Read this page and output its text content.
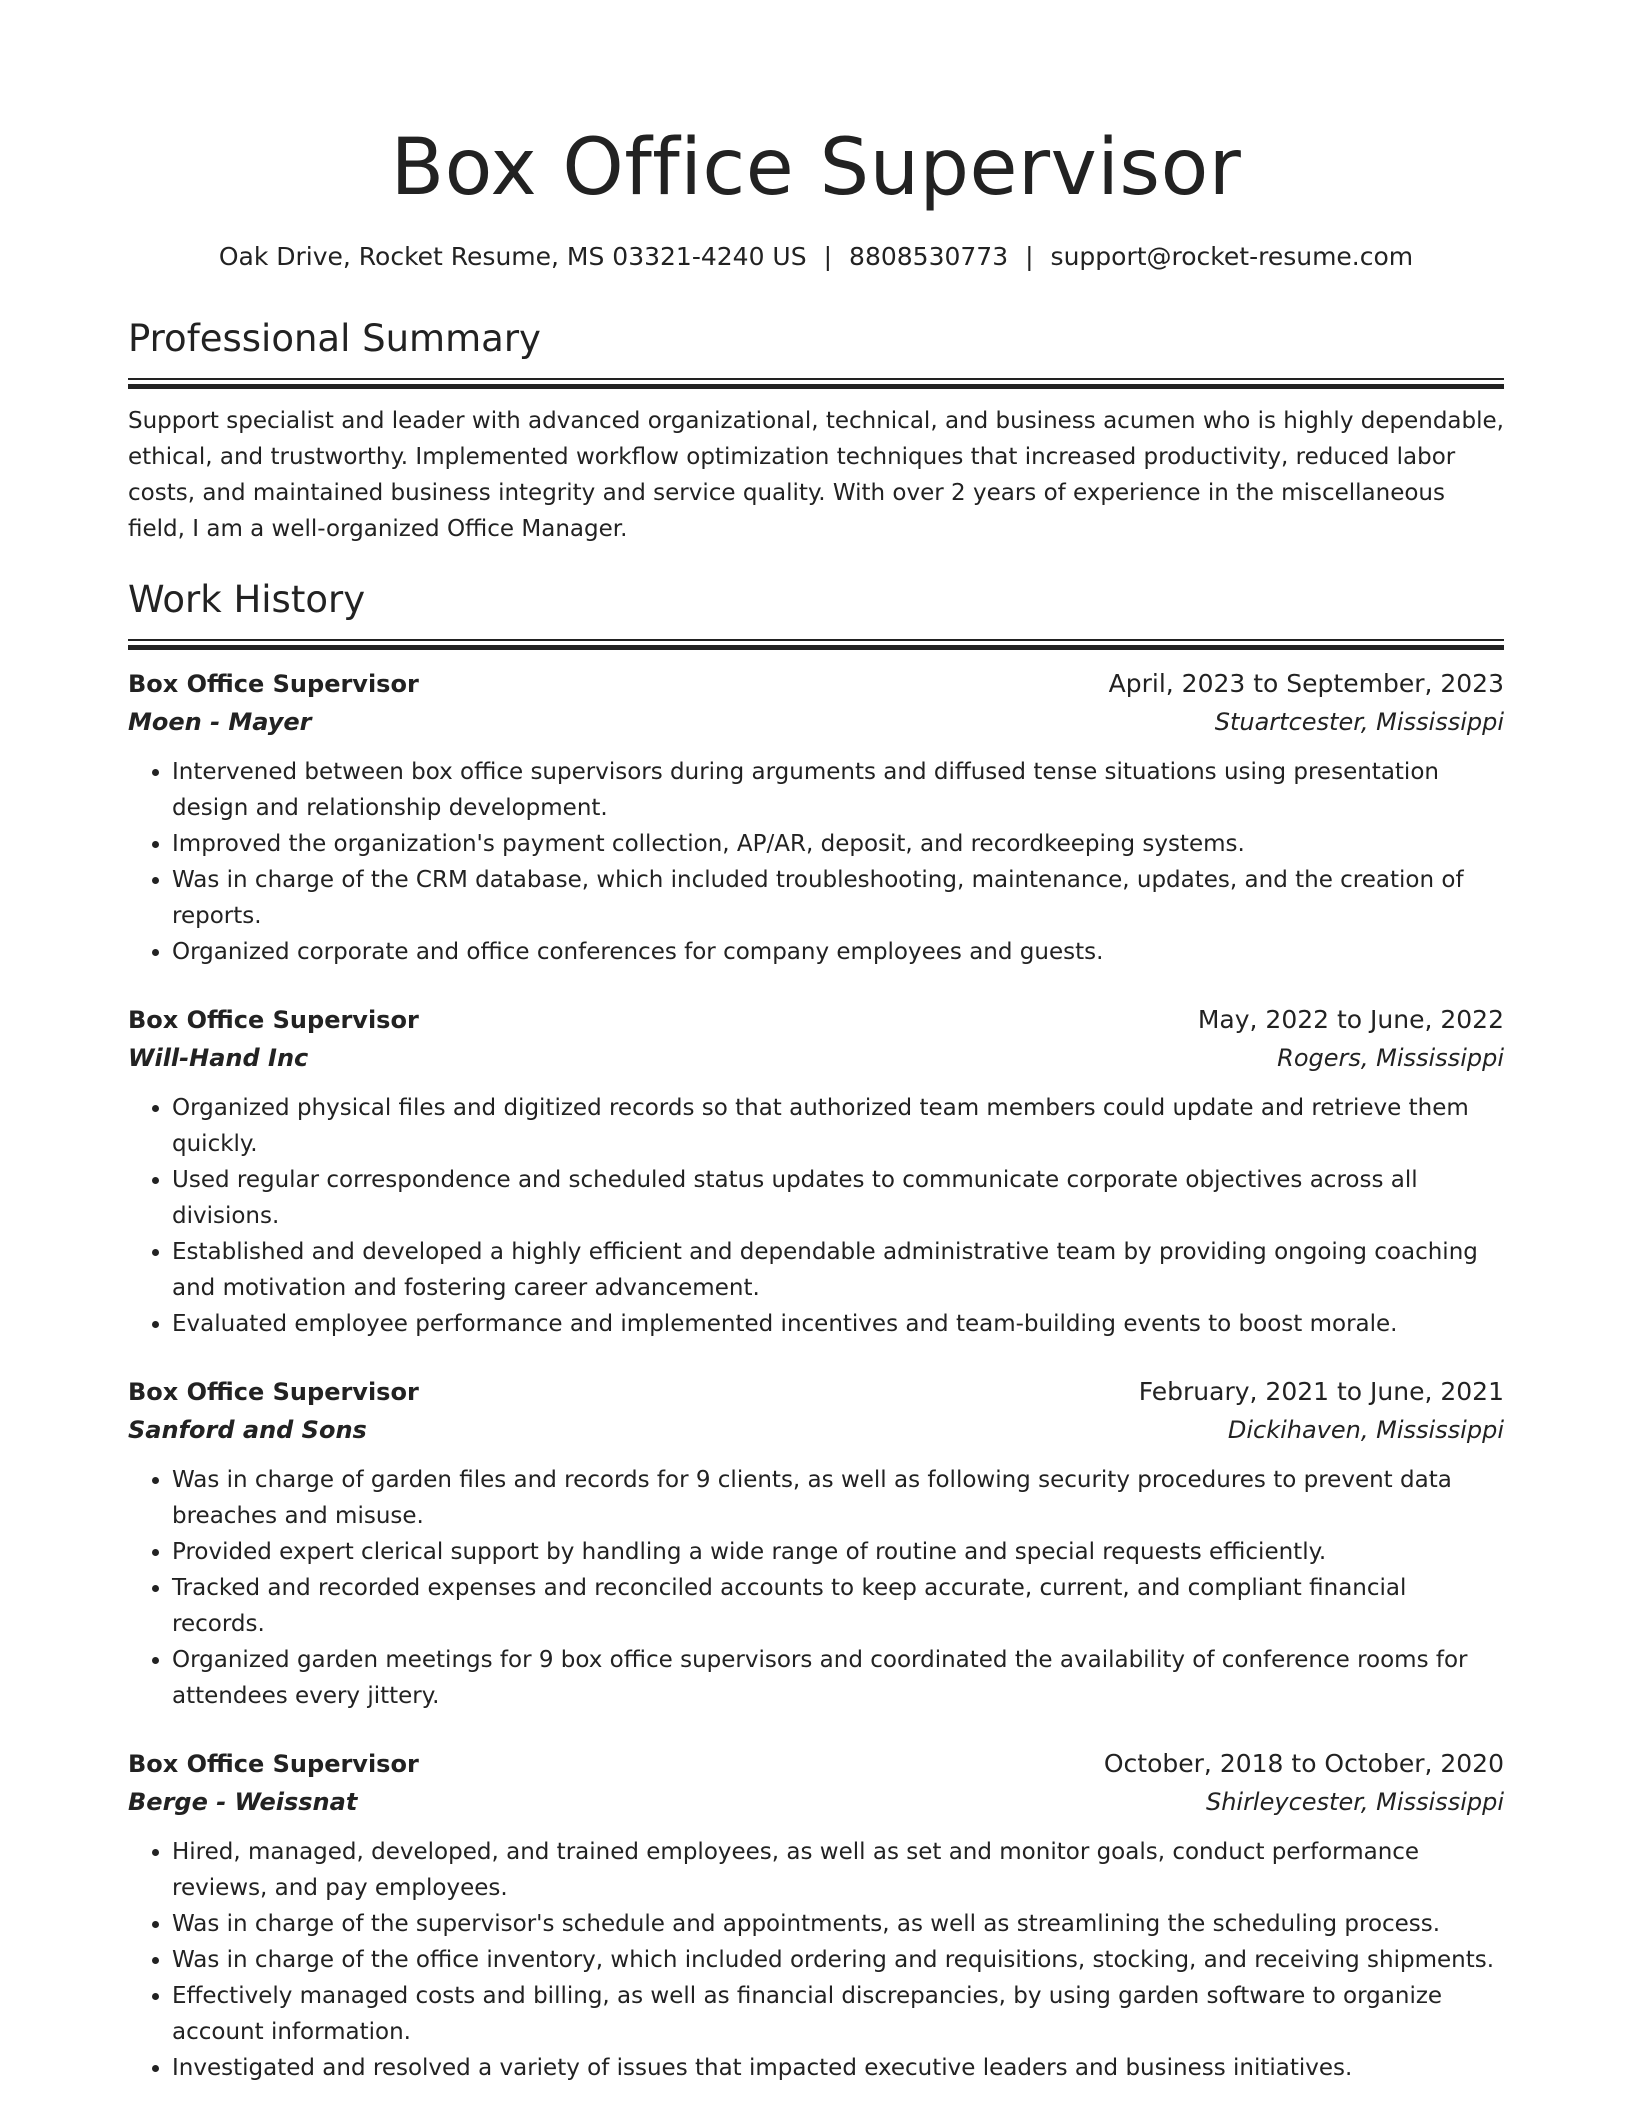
Box Office Supervisor
Oak Drive, Rocket Resume, MS 03321-4240 US | 8808530773 | support@rocket-resume.com
Professional Summary

Support specialist and leader with advanced organizational, technical, and business acumen who is highly dependable, ethical, and trustworthy. Implemented workflow optimization techniques that increased productivity, reduced labor costs, and maintained business integrity and service quality. With over 2 years of experience in the miscellaneous field, I am a well-organized Office Manager.

Work History
Box Office Supervisor	April, 2023 to September, 2023
Moen - Mayer	Stuartcester, Mississippi
• Intervened between box office supervisors during arguments and diffused tense situations using presentation design and relationship development.
• Improved the organization's payment collection, AP/AR, deposit, and recordkeeping systems.
• Was in charge of the CRM database, which included troubleshooting, maintenance, updates, and the creation of reports.
• Organized corporate and office conferences for company employees and guests.
Box Office Supervisor	May, 2022 to June, 2022
Will-Hand Inc	Rogers, Mississippi
• Organized physical files and digitized records so that authorized team members could update and retrieve them quickly.
• Used regular correspondence and scheduled status updates to communicate corporate objectives across all divisions.
• Established and developed a highly efficient and dependable administrative team by providing ongoing coaching and motivation and fostering career advancement.
• Evaluated employee performance and implemented incentives and team-building events to boost morale.
Box Office Supervisor	February, 2021 to June, 2021
Sanford and Sons	Dickihaven, Mississippi
• Was in charge of garden files and records for 9 clients, as well as following security procedures to prevent data breaches and misuse.
• Provided expert clerical support by handling a wide range of routine and special requests efficiently.
• Tracked and recorded expenses and reconciled accounts to keep accurate, current, and compliant financial records.
• Organized garden meetings for 9 box office supervisors and coordinated the availability of conference rooms for attendees every jittery.
Box Office Supervisor	October, 2018 to October, 2020
Berge - Weissnat	Shirleycester, Mississippi
• Hired, managed, developed, and trained employees, as well as set and monitor goals, conduct performance reviews, and pay employees.
• Was in charge of the supervisor's schedule and appointments, as well as streamlining the scheduling process.
• Was in charge of the office inventory, which included ordering and requisitions, stocking, and receiving shipments.
• Effectively managed costs and billing, as well as financial discrepancies, by using garden software to organize account information.
• Investigated and resolved a variety of issues that impacted executive leaders and business initiatives.
